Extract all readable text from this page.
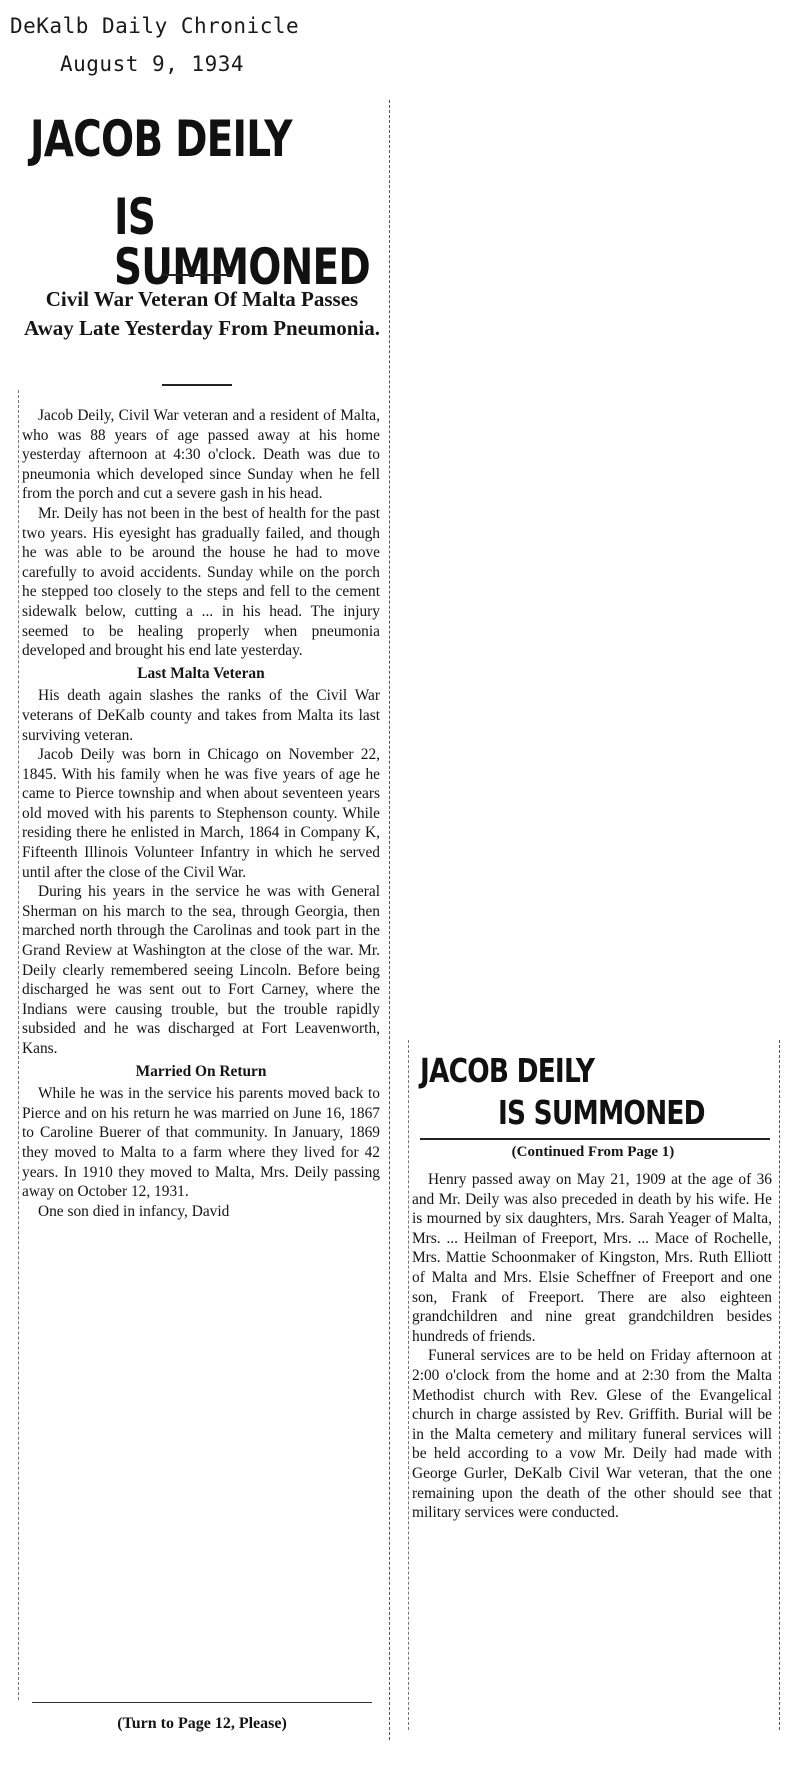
DeKalb Daily Chronicle
August 9, 1934
JACOB DEILY
IS SUMMONED
Civil War Veteran Of Malta Passes Away Late Yesterday From Pneumonia.

Jacob Deily, Civil War veteran and a resident of Malta, who was 88 years of age passed away at his home yesterday afternoon at 4:30 o'clock. Death was due to pneumonia which developed since Sunday when he fell from the porch and cut a severe gash in his head.

Mr. Deily has not been in the best of health for the past two years. His eyesight has gradually failed, and though he was able to be around the house he had to move carefully to avoid accidents. Sunday while on the porch he stepped too closely to the steps and fell to the cement sidewalk below, cutting a ... in his head. The injury seemed to be healing properly when pneumonia developed and brought his end late yesterday.

Last Malta Veteran

His death again slashes the ranks of the Civil War veterans of DeKalb county and takes from Malta its last surviving veteran.

Jacob Deily was born in Chicago on November 22, 1845. With his family when he was five years of age he came to Pierce township and when about seventeen years old moved with his parents to Stephenson county. While residing there he enlisted in March, 1864 in Company K, Fifteenth Illinois Volunteer Infantry in which he served until after the close of the Civil War.

During his years in the service he was with General Sherman on his march to the sea, through Georgia, then marched north through the Carolinas and took part in the Grand Review at Washington at the close of the war. Mr. Deily clearly remembered seeing Lincoln. Before being discharged he was sent out to Fort Carney, where the Indians were causing trouble, but the trouble rapidly subsided and he was discharged at Fort Leavenworth, Kans.

Married On Return

While he was in the service his parents moved back to Pierce and on his return he was married on June 16, 1867 to Caroline Buerer of that community. In January, 1869 they moved to Malta to a farm where they lived for 42 years. In 1910 they moved to Malta, Mrs. Deily passing away on October 12, 1931.

One son died in infancy, David

(Turn to Page 12, Please)
JACOB DEILY
IS SUMMONED
(Continued From Page 1)

Henry passed away on May 21, 1909 at the age of 36 and Mr. Deily was also preceded in death by his wife. He is mourned by six daughters, Mrs. Sarah Yeager of Malta, Mrs. ... Heilman of Freeport, Mrs. ... Mace of Rochelle, Mrs. Mattie Schoonmaker of Kingston, Mrs. Ruth Elliott of Malta and Mrs. Elsie Scheffner of Freeport and one son, Frank of Freeport. There are also eighteen grandchildren and nine great grandchildren besides hundreds of friends.

Funeral services are to be held on Friday afternoon at 2:00 o'clock from the home and at 2:30 from the Malta Methodist church with Rev. Glese of the Evangelical church in charge assisted by Rev. Griffith. Burial will be in the Malta cemetery and military funeral services will be held according to a vow Mr. Deily had made with George Gurler, DeKalb Civil War veteran, that the one remaining upon the death of the other should see that military services were conducted.
